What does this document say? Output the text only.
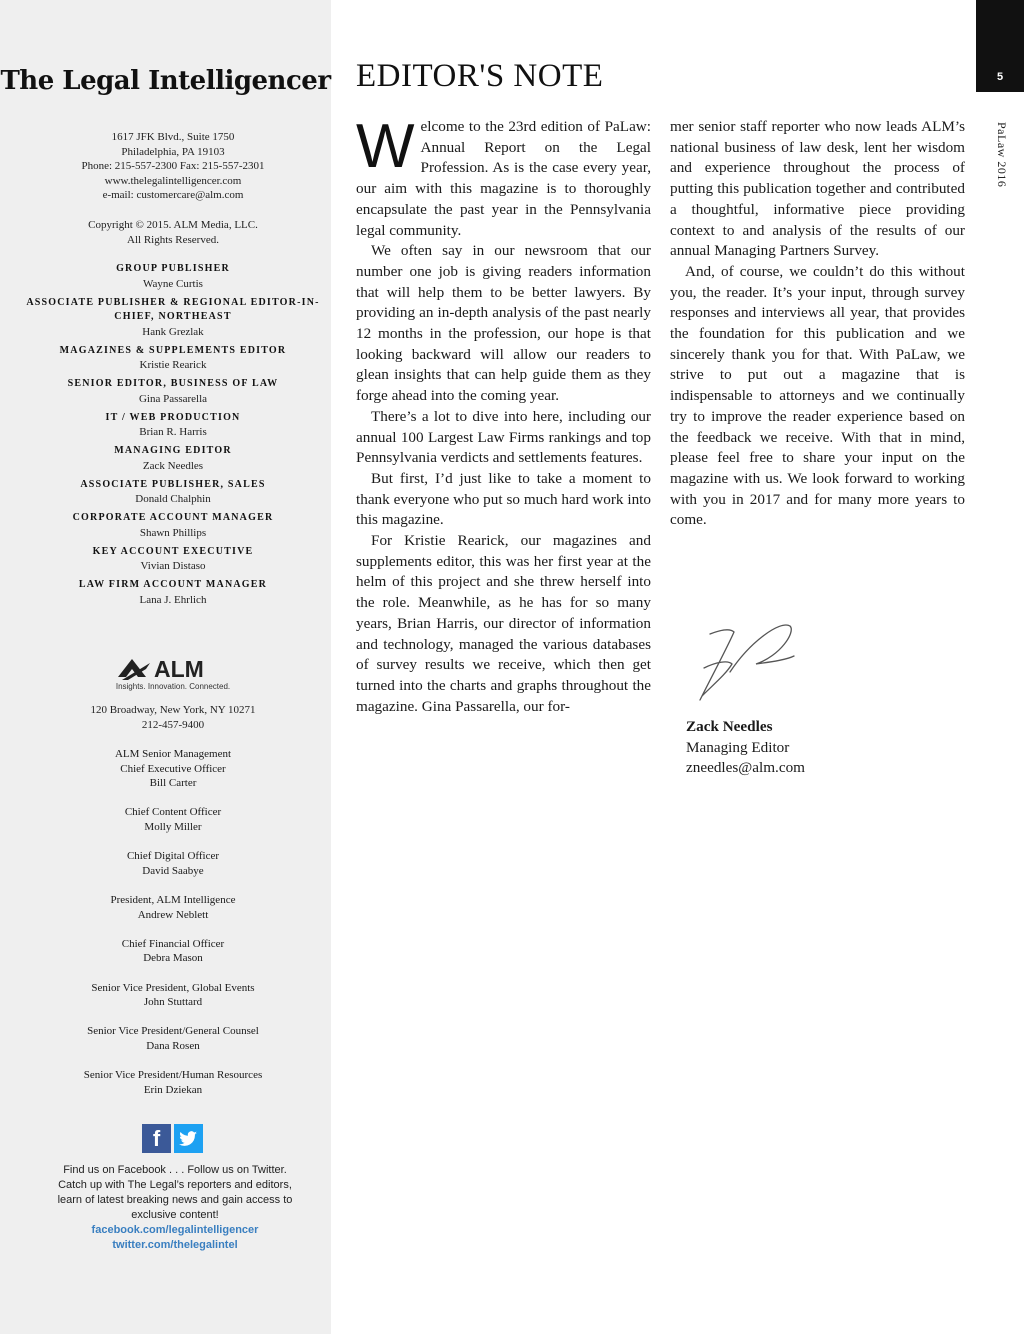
The Legal Intelligencer
1617 JFK Blvd., Suite 1750
Philadelphia, PA 19103
Phone: 215-557-2300 Fax: 215-557-2301
www.thelegalintelligencer.com
e-mail: customercare@alm.com
Copyright © 2015. ALM Media, LLC.
All Rights Reserved.
GROUP PUBLISHER
Wayne Curtis
ASSOCIATE PUBLISHER & REGIONAL EDITOR-IN-CHIEF, NORTHEAST
Hank Grezlak
MAGAZINES & SUPPLEMENTS EDITOR
Kristie Rearick
SENIOR EDITOR, BUSINESS OF LAW
Gina Passarella
IT / WEB PRODUCTION
Brian R. Harris
MANAGING EDITOR
Zack Needles
ASSOCIATE PUBLISHER, SALES
Donald Chalphin
CORPORATE ACCOUNT MANAGER
Shawn Phillips
KEY ACCOUNT EXECUTIVE
Vivian Distaso
LAW FIRM ACCOUNT MANAGER
Lana J. Ehrlich
ALM
Insights. Innovation. Connected.
120 Broadway, New York, NY 10271
212-457-9400
ALM Senior Management
Chief Executive Officer
Bill Carter
Chief Content Officer
Molly Miller
Chief Digital Officer
David Saabye
President, ALM Intelligence
Andrew Neblett
Chief Financial Officer
Debra Mason
Senior Vice President, Global Events
John Stuttard
Senior Vice President/General Counsel
Dana Rosen
Senior Vice President/Human Resources
Erin Dziekan
f
Find us on Facebook . . . Follow us on Twitter.
Catch up with The Legal’s reporters and editors,
learn of latest breaking news and gain access to
exclusive content!
facebook.com/legalintelligencer
twitter.com/thelegalintel
5
PaLaw 2016
EDITOR'S NOTE

Welcome to the 23rd edition of PaLaw: Annual Report on the Legal Profession. As is the case every year, our aim with this magazine is to thoroughly encapsulate the past year in the Pennsylvania legal community.

We often say in our newsroom that our number one job is giving readers information that will help them to be better lawyers. By providing an in-depth analysis of the past nearly 12 months in the profession, our hope is that looking backward will allow our readers to glean insights that can help guide them as they forge ahead into the coming year.

There’s a lot to dive into here, including our annual 100 Largest Law Firms rankings and top Pennsylvania verdicts and settlements features.

But first, I’d just like to take a moment to thank everyone who put so much hard work into this magazine.

For Kristie Rearick, our magazines and supplements editor, this was her first year at the helm of this project and she threw herself into the role. Meanwhile, as he has for so many years, Brian Harris, our director of information and technology, managed the various databases of survey results we receive, which then get turned into the charts and graphs throughout the magazine. Gina Passarella, our for-

mer senior staff reporter who now leads ALM’s national business of law desk, lent her wisdom and experience throughout the process of putting this publication together and contributed a thoughtful, informative piece providing context to and analysis of the results of our annual Managing Partners Survey.

And, of course, we couldn’t do this without you, the reader. It’s your input, through survey responses and interviews all year, that provides the foundation for this publication and we sincerely thank you for that. With PaLaw, we strive to put out a magazine that is indispensable to attorneys and we continually try to improve the reader experience based on the feedback we receive. With that in mind, please feel free to share your input on the magazine with us. We look forward to working with you in 2017 and for many more years to come.

Zack Needles
Managing Editor
zneedles@alm.com
